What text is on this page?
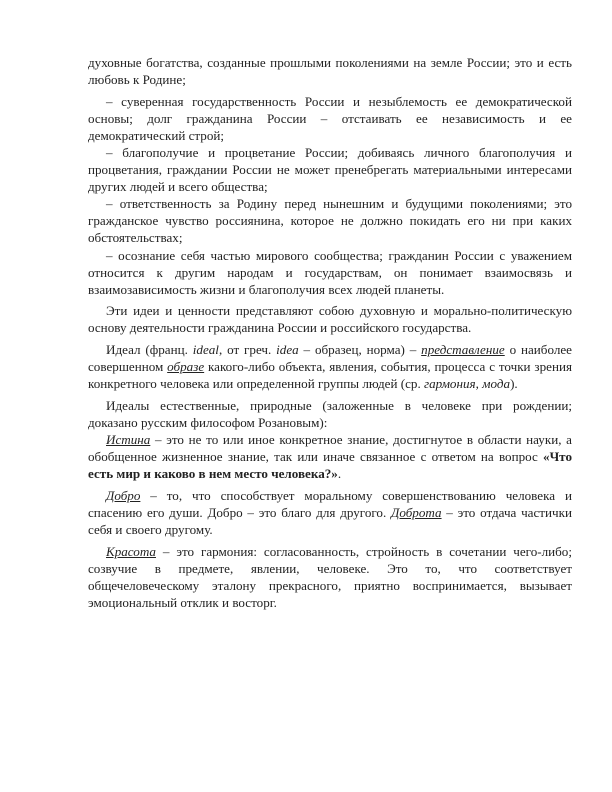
духовные богатства, созданные прошлыми поколениями на земле России; это и есть любовь к Родине;

– суверенная государственность России и незыблемость ее демократической основы; долг гражданина России – отстаивать ее независимость и ее демократический строй;

– благополучие и процветание России; добиваясь личного благополучия и процветания, граждании России не может пренебрегать материальными интересами других людей и всего общества;

– ответственность за Родину перед нынешним и будущими поколениями; это гражданское чувство россиянина, которое не должно покидать его ни при каких обстоятельствах;

– осознание себя частью мирового сообщества; гражданин России с уважением относится к другим народам и государствам, он понимает взаимосвязь и взаимозависимость жизни и благополучия всех людей планеты.

Эти идеи и ценности представляют собою духовную и морально-политическую основу деятельности гражданина России и российского государства.

Идеал (франц. ideal, от греч. idea – образец, норма) – представление о наиболее совершенном образе какого-либо объекта, явления, события, процесса с точки зрения конкретного человека или определенной группы людей (ср. гармония, мода).

Идеалы естественные, природные (заложенные в человеке при рождении; доказано русским философом Розановым):

Истина – это не то или иное конкретное знание, достигнутое в области науки, а обобщенное жизненное знание, так или иначе связанное с ответом на вопрос «Что есть мир и каково в нем место человека?».

Добро – то, что способствует моральному совершенствованию человека и спасению его души. Добро – это благо для другого. Доброта – это отдача частички себя и своего другому.

Красота – это гармония: согласованность, стройность в сочетании чего-либо; созвучие в предмете, явлении, человеке. Это то, что соответствует общечеловеческому эталону прекрасного, приятно воспринимается, вызывает эмоциональный отклик и восторг.
